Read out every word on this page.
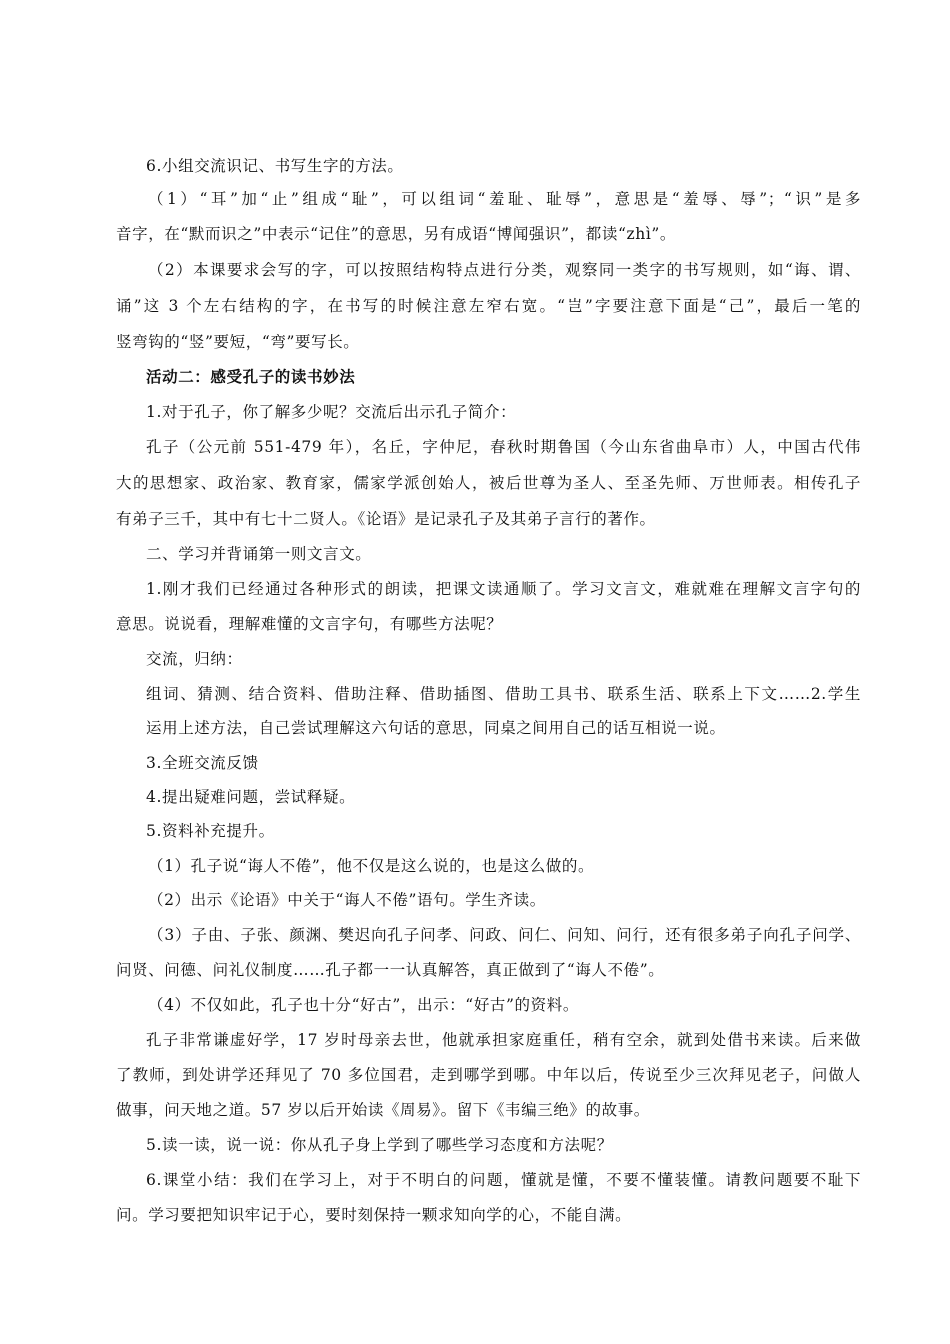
6.小组交流识记、书写生字的方法。
（1）“耳”加“止”组成“耻”，可以组词“羞耻、耻辱”，意思是“羞辱、辱”；“识”是多
音字，在“默而识之”中表示“记住”的意思，另有成语“博闻强识”，都读“zhì”。
（2）本课要求会写的字，可以按照结构特点进行分类，观察同一类字的书写规则，如“诲、谓、
诵”这 3 个左右结构的字，在书写的时候注意左窄右宽。“岂”字要注意下面是“己”，最后一笔的
竖弯钩的“竖”要短，“弯”要写长。
活动二：感受孔子的读书妙法
1.对于孔子，你了解多少呢？交流后出示孔子简介：
孔子（公元前 551-479 年），名丘，字仲尼，春秋时期鲁国（今山东省曲阜市）人，中国古代伟
大的思想家、政治家、教育家，儒家学派创始人，被后世尊为圣人、至圣先师、万世师表。相传孔子
有弟子三千，其中有七十二贤人。《论语》是记录孔子及其弟子言行的著作。
二、学习并背诵第一则文言文。
1.刚才我们已经通过各种形式的朗读，把课文读通顺了。学习文言文，难就难在理解文言字句的
意思。说说看，理解难懂的文言字句，有哪些方法呢？
交流，归纳：
组词、猜测、结合资料、借助注释、借助插图、借助工具书、联系生活、联系上下文……2.学生
运用上述方法，自己尝试理解这六句话的意思，同桌之间用自己的话互相说一说。
3.全班交流反馈
4.提出疑难问题，尝试释疑。
5.资料补充提升。
（1）孔子说“诲人不倦”，他不仅是这么说的，也是这么做的。
（2）出示《论语》中关于“诲人不倦”语句。学生齐读。
（3）子由、子张、颜渊、樊迟向孔子问孝、问政、问仁、问知、问行，还有很多弟子向孔子问学、
问贤、问德、问礼仪制度……孔子都一一认真解答，真正做到了“诲人不倦”。
（4）不仅如此，孔子也十分“好古”，出示：“好古”的资料。
孔子非常谦虚好学，17 岁时母亲去世，他就承担家庭重任，稍有空余，就到处借书来读。后来做
了教师，到处讲学还拜见了 70 多位国君，走到哪学到哪。中年以后，传说至少三次拜见老子，问做人
做事，问天地之道。57 岁以后开始读《周易》。留下《韦编三绝》的故事。
5.读一读，说一说：你从孔子身上学到了哪些学习态度和方法呢？
6.课堂小结：我们在学习上，对于不明白的问题，懂就是懂，不要不懂装懂。请教问题要不耻下
问。学习要把知识牢记于心，要时刻保持一颗求知向学的心，不能自满。
